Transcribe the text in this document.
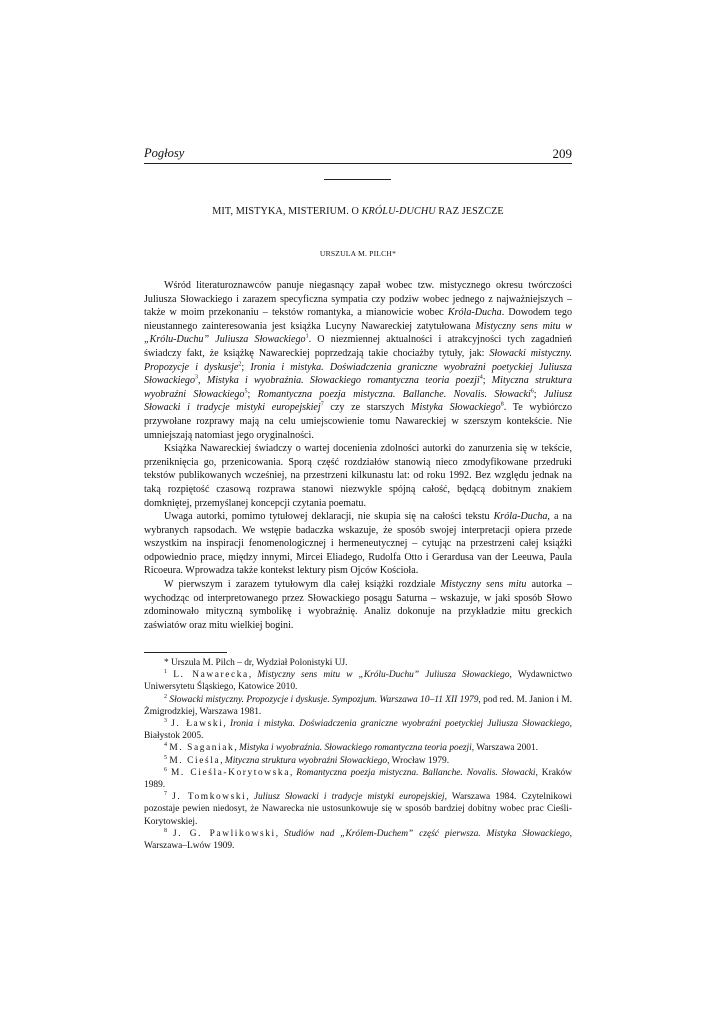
Pogłosy	209
MIT, MISTYKA, MISTERIUM. O KRÓLU-DUCHU RAZ JESZCZE
URSZULA M. PILCH*

Wśród literaturoznawców panuje niegasnący zapał wobec tzw. mistycznego okresu twórczości Juliusza Słowackiego i zarazem specyficzna sympatia czy podziw wobec jednego z najważniejszych – także w moim przekonaniu – tekstów romantyka, a mianowicie wobec Króla-Ducha. Dowodem tego nieustannego zainteresowania jest książka Lucyny Nawareckiej zatytułowana Mistyczny sens mitu w „Królu-Duchu” Juliusza Słowackiego$^1$. O niezmiennej aktualności i atrakcyjności tych zagadnień świadczy fakt, że książkę Nawareckiej poprzedzają takie chociażby tytuły, jak: Słowacki mistyczny. Propozycje i dyskusje$^2$; Ironia i mistyka. Doświadczenia graniczne wyobraźni poetyckiej Juliusza Słowackiego$^3$, Mistyka i wyobraźnia. Słowackiego romantyczna teoria poezji$^4$; Mityczna struktura wyobraźni Słowackiego$^5$; Romantyczna poezja mistyczna. Ballanche. Novalis. Słowacki$^6$; Juliusz Słowacki i tradycje mistyki europejskiej$^7$ czy ze starszych Mistyka Słowackiego$^8$. Te wybiórczo przywołane rozprawy mają na celu umiejscowienie tomu Nawareckiej w szerszym kontekście. Nie umniejszają natomiast jego oryginalności.

Książka Nawareckiej świadczy o wartej docenienia zdolności autorki do zanurzenia się w tekście, przeniknięcia go, przenicowania. Sporą część rozdziałów stanowią nieco zmodyfikowane przedruki tekstów publikowanych wcześniej, na przestrzeni kilkunastu lat: od roku 1992. Bez względu jednak na taką rozpiętość czasową rozprawa stanowi niezwykle spójną całość, będącą dobitnym znakiem domkniętej, przemyślanej koncepcji czytania poematu.

Uwaga autorki, pomimo tytułowej deklaracji, nie skupia się na całości tekstu Króla-Ducha, a na wybranych rapsodach. We wstępie badaczka wskazuje, że sposób swojej interpretacji opiera przede wszystkim na inspiracji fenomenologicznej i hermeneutycznej – cytując na przestrzeni całej książki odpowiednio prace, między innymi, Mircei Eliadego, Rudolfa Otto i Gerardusa van der Leeuwa, Paula Ricoeura. Wprowadza także kontekst lektury pism Ojców Kościoła.

W pierwszym i zarazem tytułowym dla całej książki rozdziale Mistyczny sens mitu autorka – wychodząc od interpretowanego przez Słowackiego posągu Saturna – wskazuje, w jaki sposób Słowo zdominowało mityczną symbolikę i wyobraźnię. Analiz dokonuje na przykładzie mitu greckich zaświatów oraz mitu wielkiej bogini.

* Urszula M. Pilch – dr, Wydział Polonistyki UJ.

$^1$ L. Nawarecka, Mistyczny sens mitu w „Królu-Duchu” Juliusza Słowackiego, Wydawnictwo Uniwersytetu Śląskiego, Katowice 2010.

$^2$ Słowacki mistyczny. Propozycje i dyskusje. Sympozjum. Warszawa 10–11 XII 1979, pod red. M. Janion i M. Żmigrodzkiej, Warszawa 1981.

$^3$ J. Ławski, Ironia i mistyka. Doświadczenia graniczne wyobraźni poetyckiej Juliusza Słowackiego, Białystok 2005.

$^4$ M. Saganiak, Mistyka i wyobraźnia. Słowackiego romantyczna teoria poezji, Warszawa 2001.

$^5$ M. Cieśla, Mityczna struktura wyobraźni Słowackiego, Wrocław 1979.

$^6$ M. Cieśla-Korytowska, Romantyczna poezja mistyczna. Ballanche. Novalis. Słowacki, Kraków 1989.

$^7$ J. Tomkowski, Juliusz Słowacki i tradycje mistyki europejskiej, Warszawa 1984. Czytelnikowi pozostaje pewien niedosyt, że Nawarecka nie ustosunkowuje się w sposób bardziej dobitny wobec prac Cieśli-Korytowskiej.

$^8$ J. G. Pawlikowski, Studiów nad „Królem-Duchem” część pierwsza. Mistyka Słowackiego, Warszawa–Lwów 1909.
